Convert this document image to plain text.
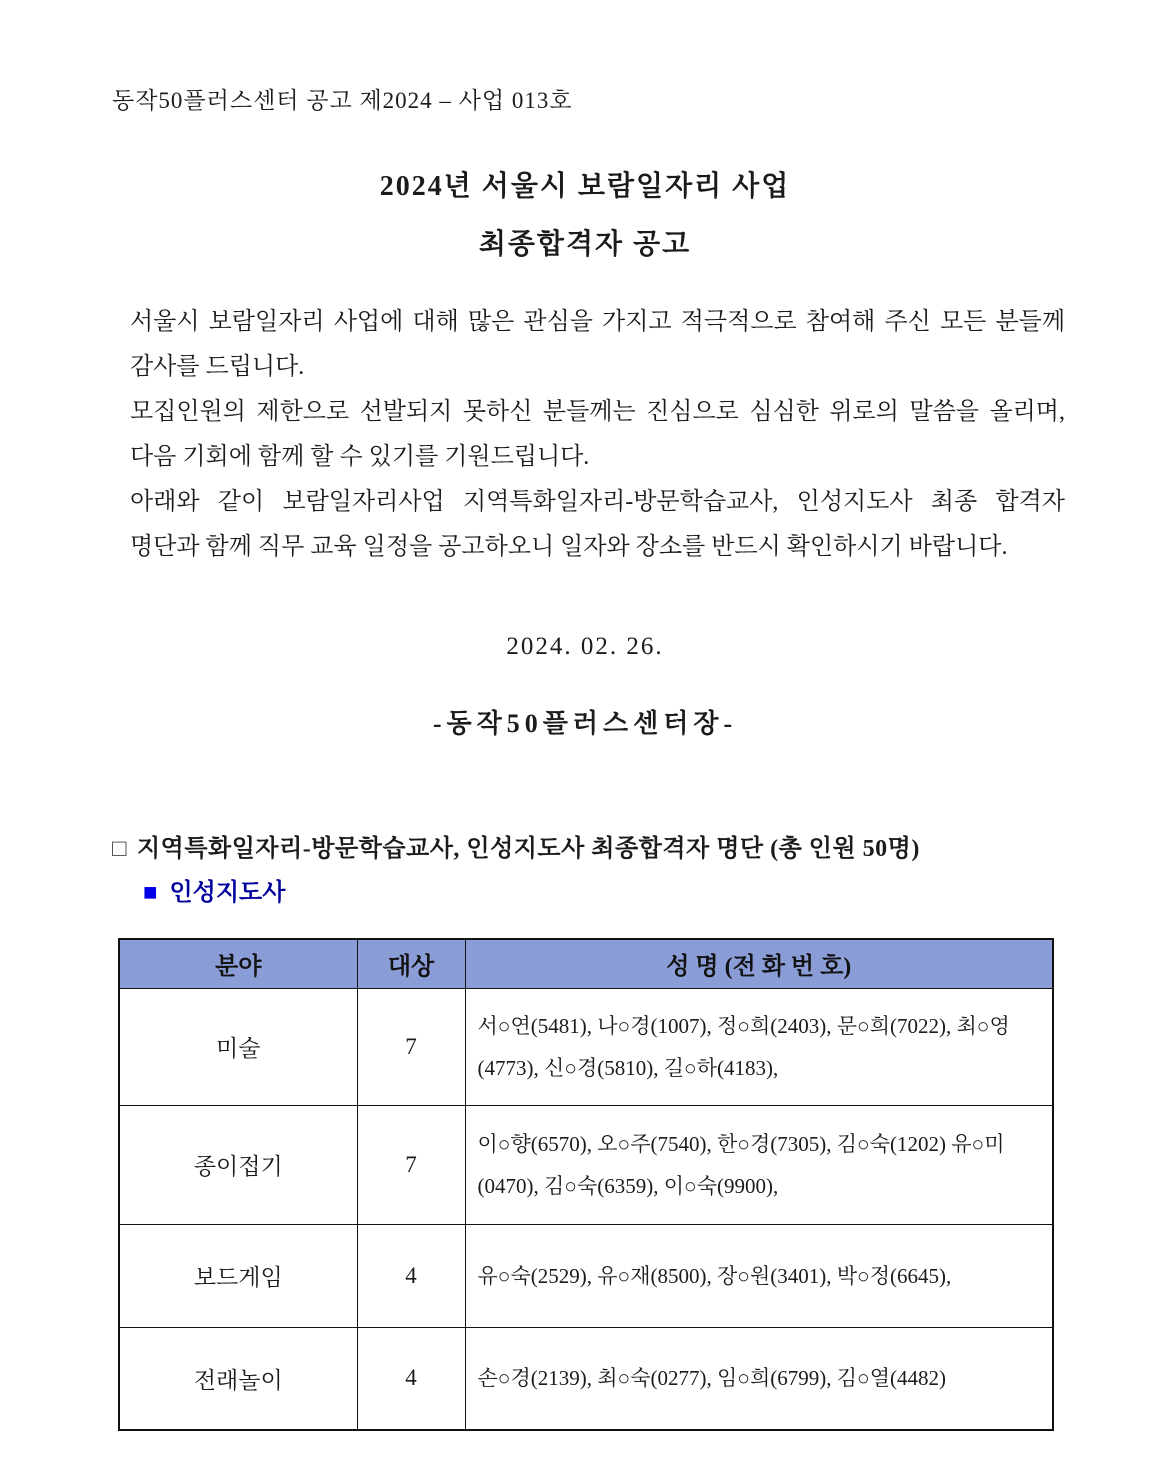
동작50플러스센터 공고 제2024 – 사업 013호
2024년 서울시 보람일자리 사업
최종합격자 공고

서울시 보람일자리 사업에 대해 많은 관심을 가지고 적극적으로 참여해 주신 모든 분들께 감사를 드립니다.

모집인원의 제한으로 선발되지 못하신 분들께는 진심으로 심심한 위로의 말씀을 올리며, 다음 기회에 함께 할 수 있기를 기원드립니다.

아래와 같이 보람일자리사업 지역특화일자리-방문학습교사, 인성지도사 최종 합격자 명단과 함께 직무 교육 일정을 공고하오니 일자와 장소를 반드시 확인하시기 바랍니다.

2024. 02. 26.
-동작50플러스센터장-
□ 지역특화일자리-방문학습교사, 인성지도사 최종합격자 명단 (총 인원 50명)
■ 인성지도사
분야	대상	성 명 (전 화 번 호)
미술	7	서○연(5481), 나○경(1007), 정○희(2403), 문○희(7022), 최○영(4773), 신○경(5810), 길○하(4183),
종이접기	7	이○향(6570), 오○주(7540), 한○경(7305), 김○숙(1202) 유○미(0470), 김○숙(6359), 이○숙(9900),
보드게임	4	유○숙(2529), 유○재(8500), 장○원(3401), 박○정(6645),
전래놀이	4	손○경(2139), 최○숙(0277), 임○희(6799), 김○열(4482)
